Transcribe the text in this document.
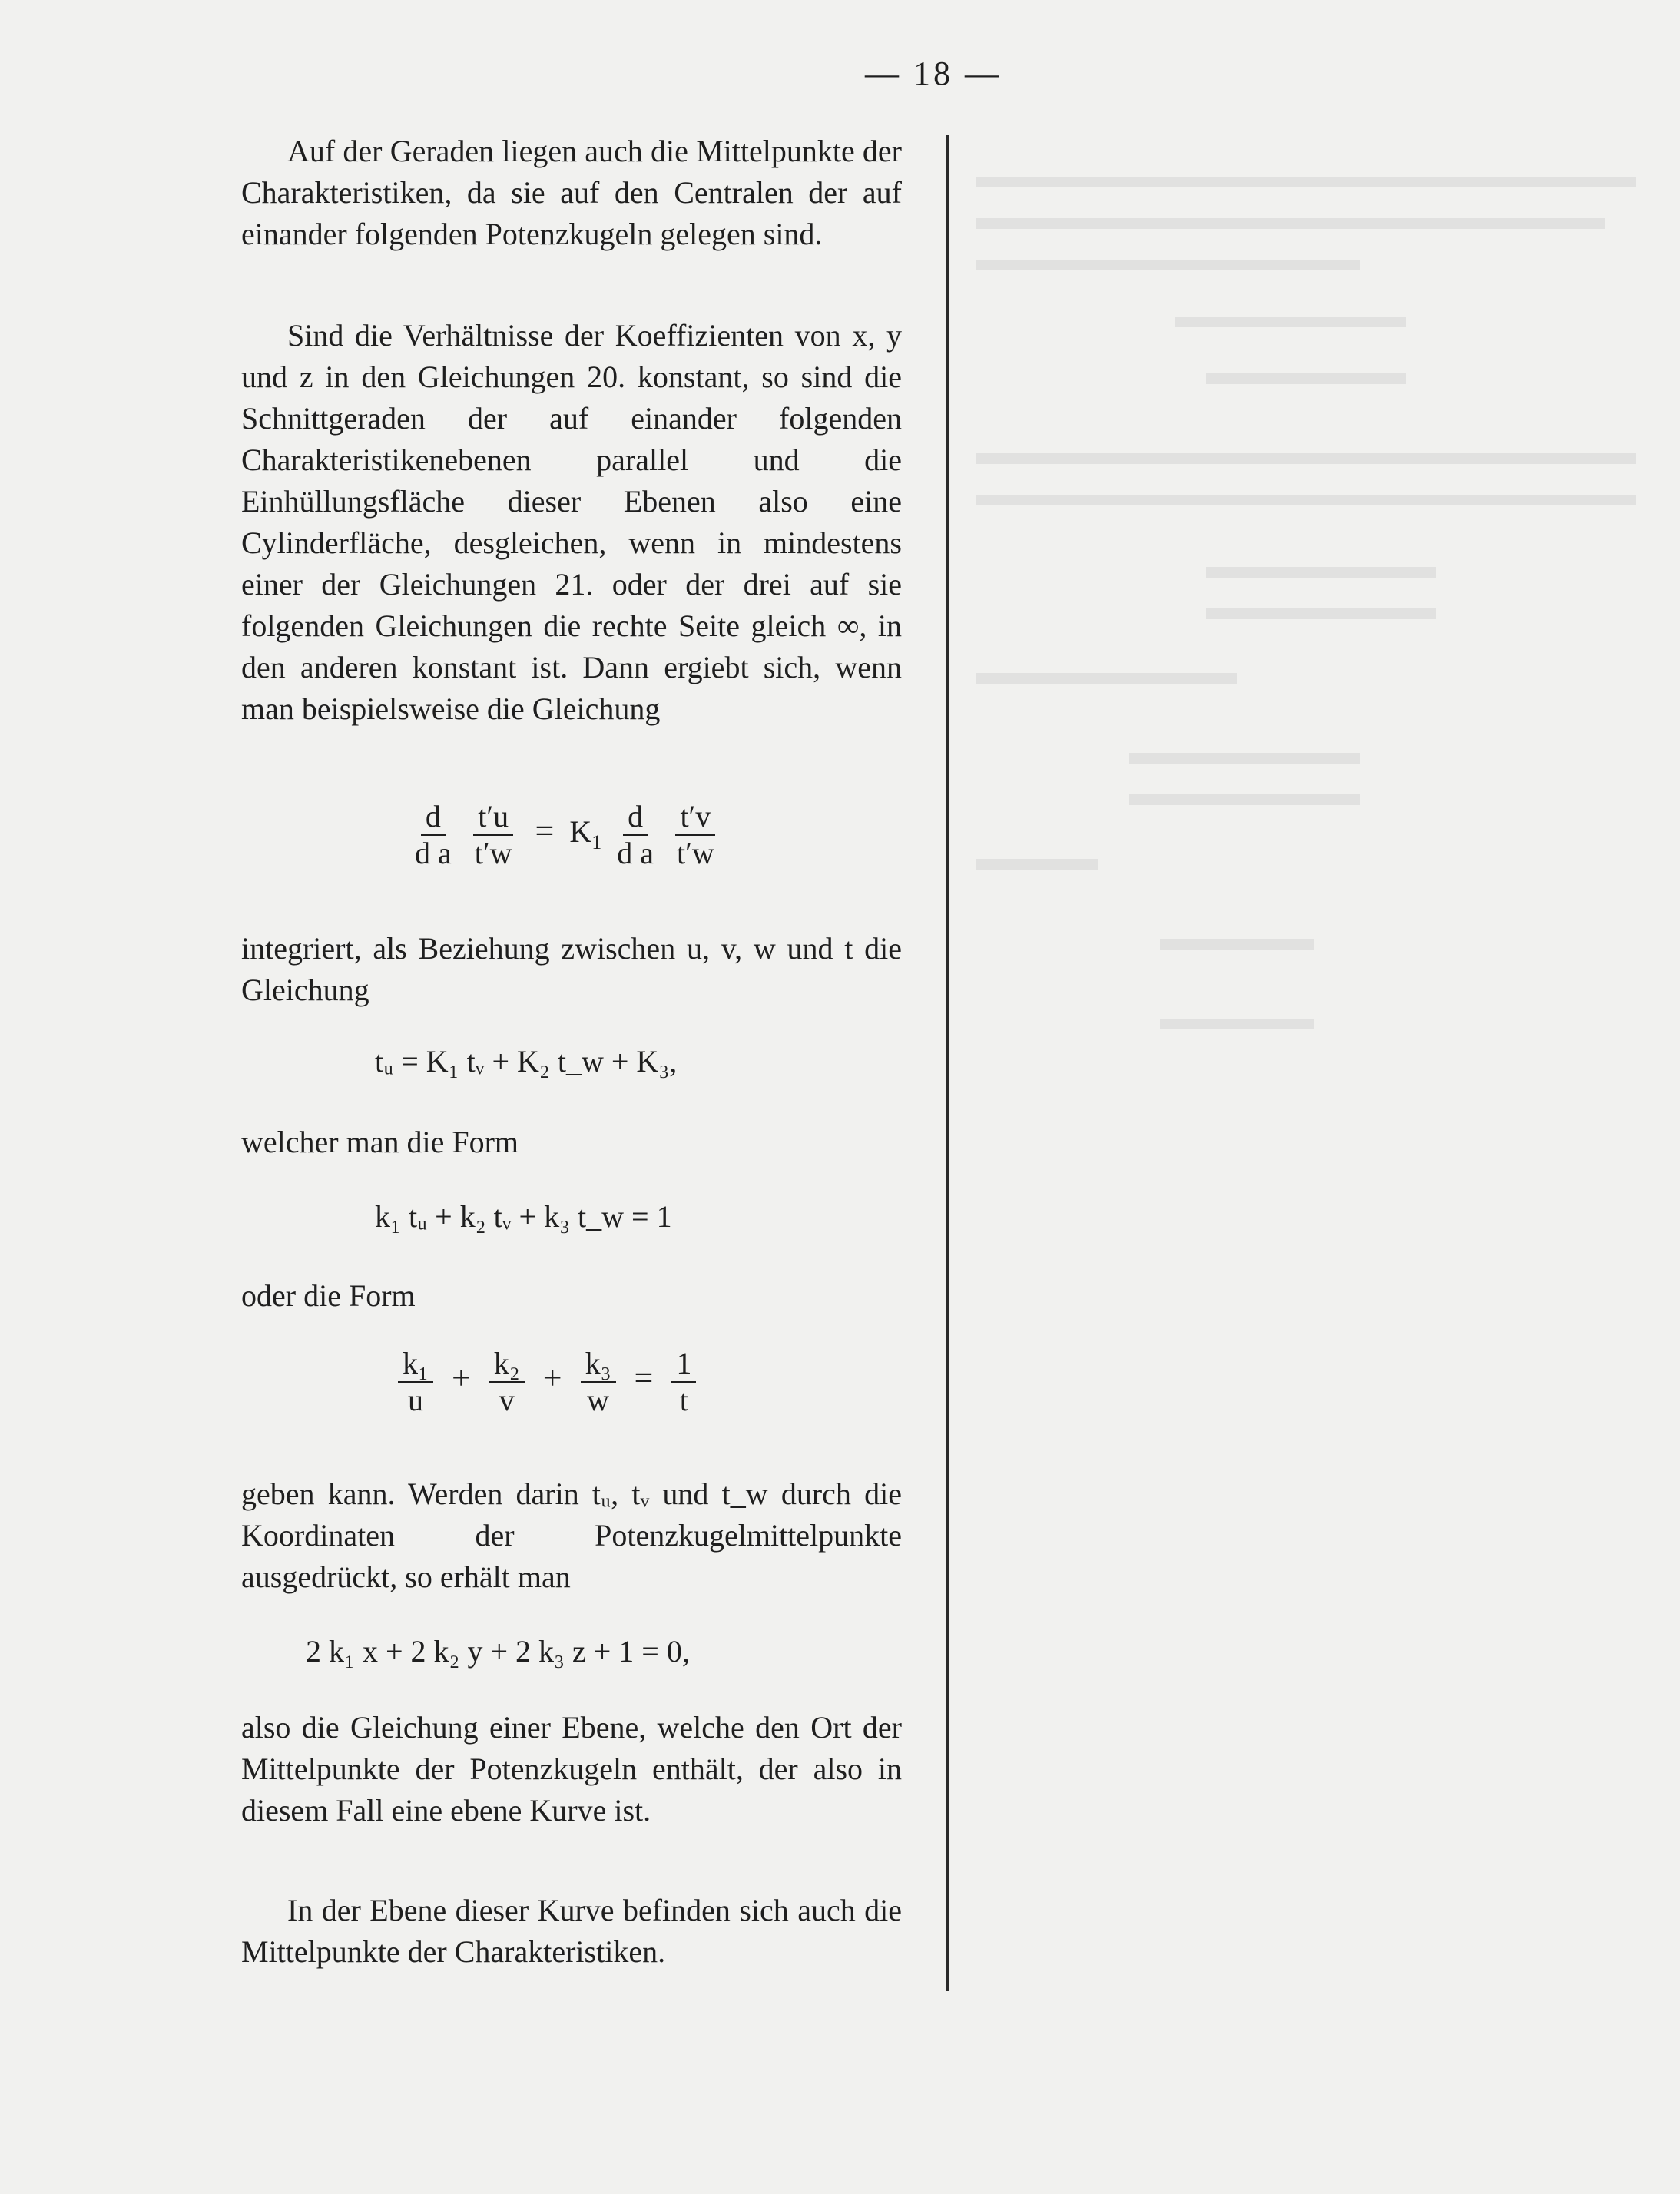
— 18 —

Auf der Geraden liegen auch die Mittelpunkte der Charakteristiken, da sie auf den Centralen der auf einander folgenden Potenzkugeln gelegen sind.

Sind die Verhältnisse der Koeffizienten von x, y und z in den Gleichungen 20. konstant, so sind die Schnittgeraden der auf einander folgenden Charakteristikenebenen parallel und die Einhüllungsfläche dieser Ebenen also eine Cylinderfläche, desgleichen, wenn in mindestens einer der Gleichungen 21. oder der drei auf sie folgenden Gleichungen die rechte Seite gleich ∞, in den anderen konstant ist. Dann ergiebt sich, wenn man beispielsweise die Gleichung

$\frac{d}{\text{d a}}$
$\frac{t'u}{t'w} = K_1 \frac{d}{\text{d a}}$
$\frac{t'v}{t'w}$

integriert, als Beziehung zwischen u, v, w und t die Gleichung

tᵤ = K₁ tᵥ + K₂ t_w + K₃,

welcher man die Form

k₁ tᵤ + k₂ tᵥ + k₃ t_w = 1

oder die Form

$\frac{\text{k₁}}{u} + \frac{\text{k₂}}{v} + \frac{\text{k₃}}{w} = \frac{1}{t}$

geben kann. Werden darin tᵤ, tᵥ und t_w durch die Koordinaten der Potenzkugelmittelpunkte ausgedrückt, so erhält man

2 k₁ x + 2 k₂ y + 2 k₃ z + 1 = 0,

also die Gleichung einer Ebene, welche den Ort der Mittelpunkte der Potenzkugeln enthält, der also in diesem Fall eine ebene Kurve ist.

In der Ebene dieser Kurve befinden sich auch die Mittelpunkte der Charakteristiken.
